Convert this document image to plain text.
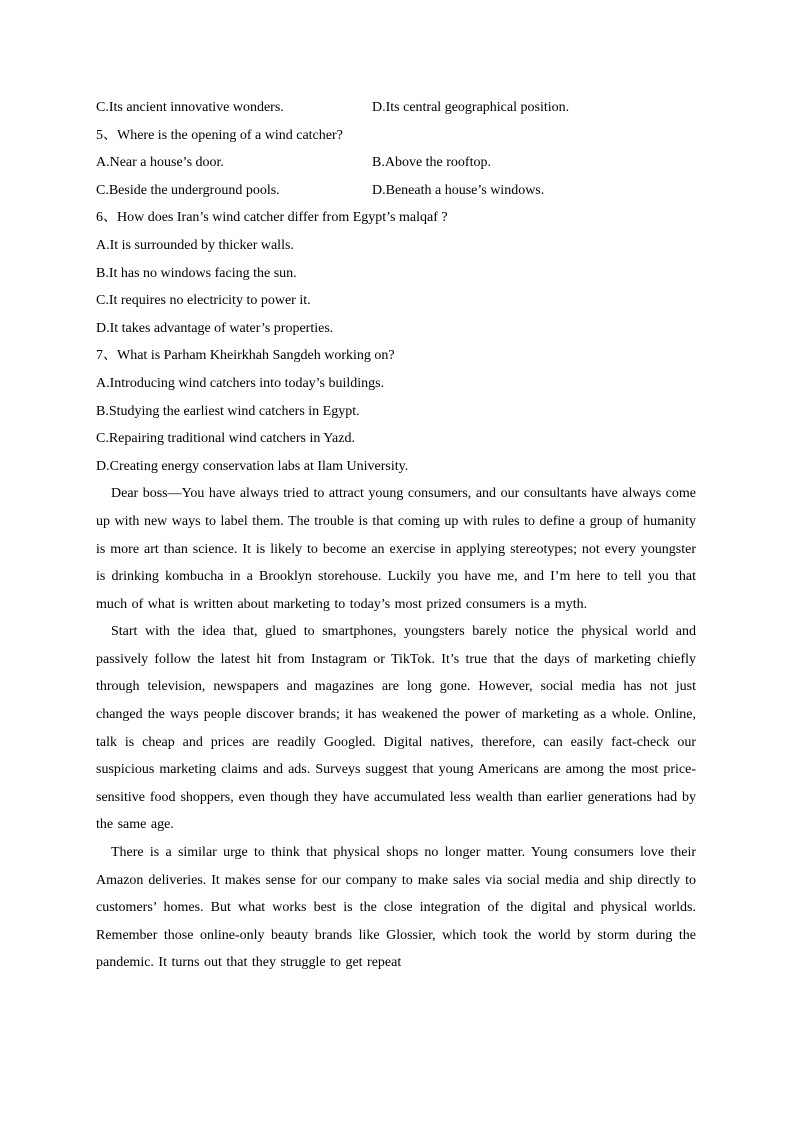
C.Its ancient innovative wonders.	D.Its central geographical position.
5、Where is the opening of a wind catcher?
A.Near a house’s door.	B.Above the rooftop.
C.Beside the underground pools.	D.Beneath a house’s windows.
6、How does Iran’s wind catcher differ from Egypt’s malqaf ?
A.It is surrounded by thicker walls.
B.It has no windows facing the sun.
C.It requires no electricity to power it.
D.It takes advantage of water’s properties.
7、What is Parham Kheirkhah Sangdeh working on?
A.Introducing wind catchers into today’s buildings.
B.Studying the earliest wind catchers in Egypt.
C.Repairing traditional wind catchers in Yazd.
D.Creating energy conservation labs at Ilam University.

Dear boss—You have always tried to attract young consumers, and our consultants have always come up with new ways to label them. The trouble is that coming up with rules to define a group of humanity is more art than science. It is likely to become an exercise in applying stereotypes; not every youngster is drinking kombucha in a Brooklyn storehouse. Luckily you have me, and I’m here to tell you that much of what is written about marketing to today’s most prized consumers is a myth.

Start with the idea that, glued to smartphones, youngsters barely notice the physical world and passively follow the latest hit from Instagram or TikTok. It’s true that the days of marketing chiefly through television, newspapers and magazines are long gone. However, social media has not just changed the ways people discover brands; it has weakened the power of marketing as a whole. Online, talk is cheap and prices are readily Googled. Digital natives, therefore, can easily fact-check our suspicious marketing claims and ads. Surveys suggest that young Americans are among the most price-sensitive food shoppers, even though they have accumulated less wealth than earlier generations had by the same age.

There is a similar urge to think that physical shops no longer matter. Young consumers love their Amazon deliveries. It makes sense for our company to make sales via social media and ship directly to customers’ homes. But what works best is the close integration of the digital and physical worlds. Remember those online-only beauty brands like Glossier, which took the world by storm during the pandemic. It turns out that they struggle to get repeat
